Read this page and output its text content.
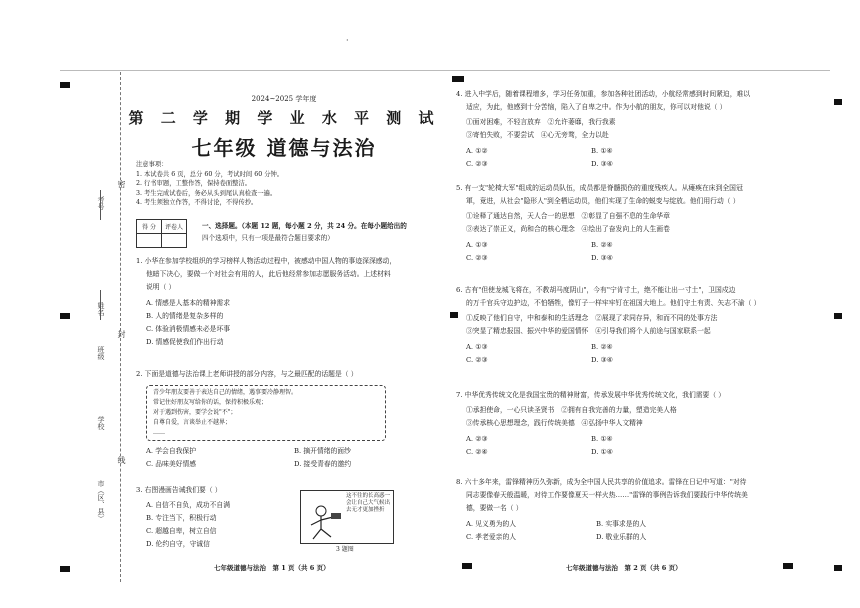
·
考号
姓名
班级
学校
市（区、县）
密
封
线
2024~2025 学年度
第 二 学 期 学 业 水 平 测 试
七年级 道德与法治
注意事项：
1. 本试卷共 6 页，总分 60 分，考试时间 60 分钟。
2. 行书审题，工整作答，保持卷面整洁。
3. 考生完成试卷后，务必从头到尾认真检查一遍。
4. 考生须独立作答，不得讨论，不得传抄。
得 分	评卷人
		一、选择题。（本题 12 题，每小题 2 分，共 24 分。在每小题给出的
四个选项中，只有一项是最符合题目要求的）
1. 小华在参加学校组织的学习榜样人物活动过程中，被感动中国人物的事迹深深感动，
他暗下决心，要做一个对社会有用的人，此后他经常参加志愿服务活动。上述材料
说明（ ）
A. 情感是人基本的精神需求
B. 人的情绪是复杂多样的
C. 体验消极情感未必是坏事
D. 情感促使我们作出行动
2. 下面是道德与法治课上老师讲授的部分内容，与之最匹配的话题是（ ）
青少年朋友要善于表达自己的情绪，遇事要冷静理智。
常记住好朋友写给你的话，保持积极乐观；
对于遇到伤害，要学会说"不"；
自尊自爱，言谈举止不越界；
……
A. 学会自我保护	B. 摘开情绪的面纱
C. 品味美好情感	D. 接受青春的邀约
3. 右图漫画告诫我们要（ ）
A. 自信不自负，成功不自满
B. 专注当下，积极行动
C. 超越自卑，树立自信
D. 伦约自守，守诚信
这不往的长高惑一
会让自己大气候出
去无才更加挫折
3 题图
七年级道德与法治　第 1 页（共 6 页）
4. 进入中学后，随着课程增多，学习任务加重，参加各种社团活动，小航经常感到时间紧迫，难以
适应，为此，他感到十分苦恼，陷入了自卑之中。作为小航的朋友，你可以对他说（ ）
①面对困难，不轻言放弃　②允许萎靡，我行我素
③寄怕失败，不要尝试　④心无旁骛，全力以赴
A. ①②	B. ①④
C. ②③	D. ③④
5. 有一支"轮椅大军"组成的运动员队伍，成员都是脊髓损伤的重度残疾人。从瘫痪在床到全国冠
軍，竟进，从社会"隐形人"到全栖运动员，他们实现了生命的蜕变与绽放。他们用行动（ ）
①诠释了通达自然，天人合一的思想　②彰显了自强不息的生命华章
③表达了崇正义，尚和合的核心理念　④绘出了奋发向上的人生画卷
A. ①③	B. ②④
C. ②③	D. ③④
6. 古有"但使龙城飞将在，不教胡马度阴山"，今有"宁肯寸土，绝不能让出一寸土"，卫国戍边
的万千官兵守边护边，不怕牺牲，像钉子一样牢牢钉在祖国大地上。他们守土有责、矢志不渝（ ）
①反映了他们自守，中和泰和的生活理念　②展现了求同存异，和而不同的处事方法
③突显了精忠报国、振兴中华的爱国情怀　④引导我们将个人前途与国家联系一起
A. ①③	B. ②④
C. ②③	D. ③④
7. 中华优秀传统文化是我国宝贵的精神财富，传承发展中华优秀传统文化，我们需要（ ）
①承担使命，一心只读圣贤书　②拥有自我完善的力量，塑造完美人格
③传承核心思想理念，践行传统美德　④弘扬中华人文精神
A. ②③	B. ①④
C. ②④	D. ①④
8. 六十多年来，雷锋精神历久弥新，成为全中国人民共享的价值追求。雷锋在日记中写道："对待
同志要像春天般温暖，对待工作要像夏天一样火热……"雷锋的事例告诉我们要践行中华传统美
德，要做一名（ ）
A. 见义勇为的人	B. 实事求是的人
C. 孝老爱亲的人	D. 敬业乐群的人
七年级道德与法治　第 2 页（共 6 页）
